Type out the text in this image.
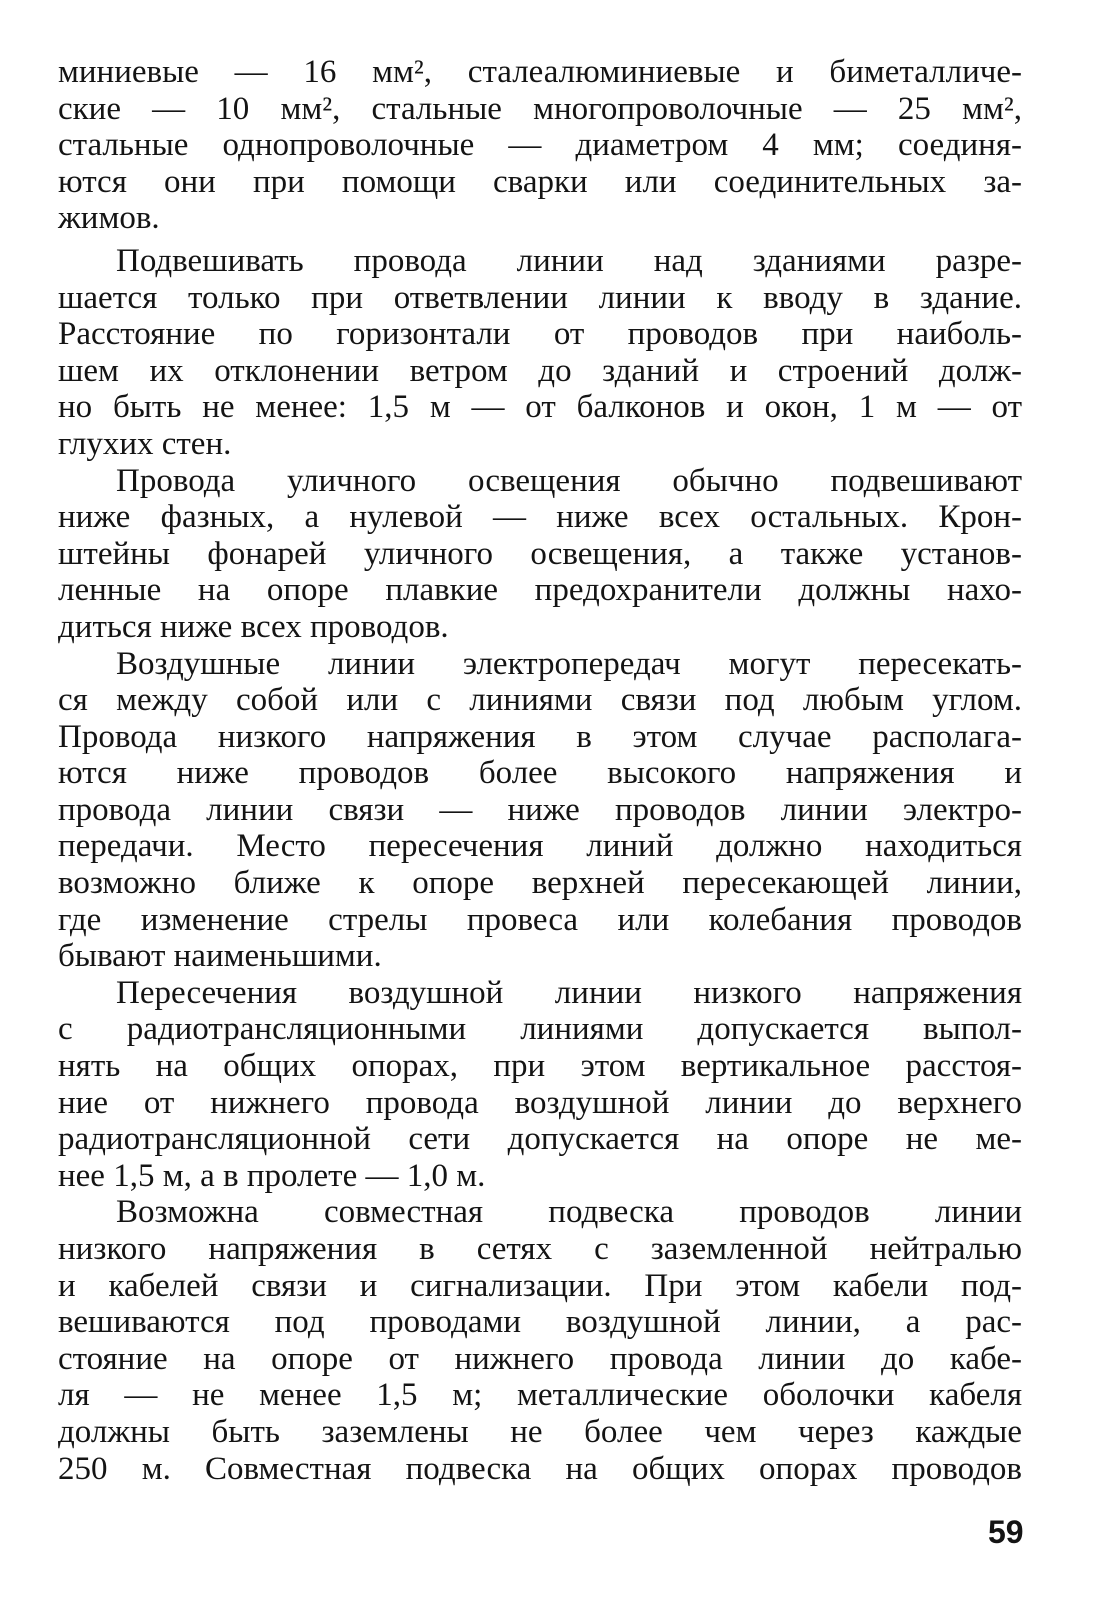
миниевые — 16 мм², сталеалюминиевые и биметалличе-
ские — 10 мм², стальные многопроволочные — 25 мм²,
стальные однопроволочные — диаметром 4 мм; соединя-
ются они при помощи сварки или соединительных за-
жимов.
Подвешивать провода линии над зданиями разре-
шается только при ответвлении линии к вводу в здание.
Расстояние по горизонтали от проводов при наиболь-
шем их отклонении ветром до зданий и строений долж-
но быть не менее: 1,5 м — от балконов и окон, 1 м — от
глухих стен.
Провода уличного освещения обычно подвешивают
ниже фазных, а нулевой — ниже всех остальных. Крон-
штейны фонарей уличного освещения, а также установ-
ленные на опоре плавкие предохранители должны нахо-
диться ниже всех проводов.
Воздушные линии электропередач могут пересекать-
ся между собой или с линиями связи под любым углом.
Провода низкого напряжения в этом случае располага-
ются ниже проводов более высокого напряжения и
провода линии связи — ниже проводов линии электро-
передачи. Место пересечения линий должно находиться
возможно ближе к опоре верхней пересекающей линии,
где изменение стрелы провеса или колебания проводов
бывают наименьшими.
Пересечения воздушной линии низкого напряжения
с радиотрансляционными линиями допускается выпол-
нять на общих опорах, при этом вертикальное расстоя-
ние от нижнего провода воздушной линии до верхнего
радиотрансляционной сети допускается на опоре не ме-
нее 1,5 м, а в пролете — 1,0 м.
Возможна совместная подвеска проводов линии
низкого напряжения в сетях с заземленной нейтралью
и кабелей связи и сигнализации. При этом кабели под-
вешиваются под проводами воздушной линии, а рас-
стояние на опоре от нижнего провода линии до кабе-
ля — не менее 1,5 м; металлические оболочки кабеля
должны быть заземлены не более чем через каждые
250 м. Совместная подвеска на общих опорах проводов
59
